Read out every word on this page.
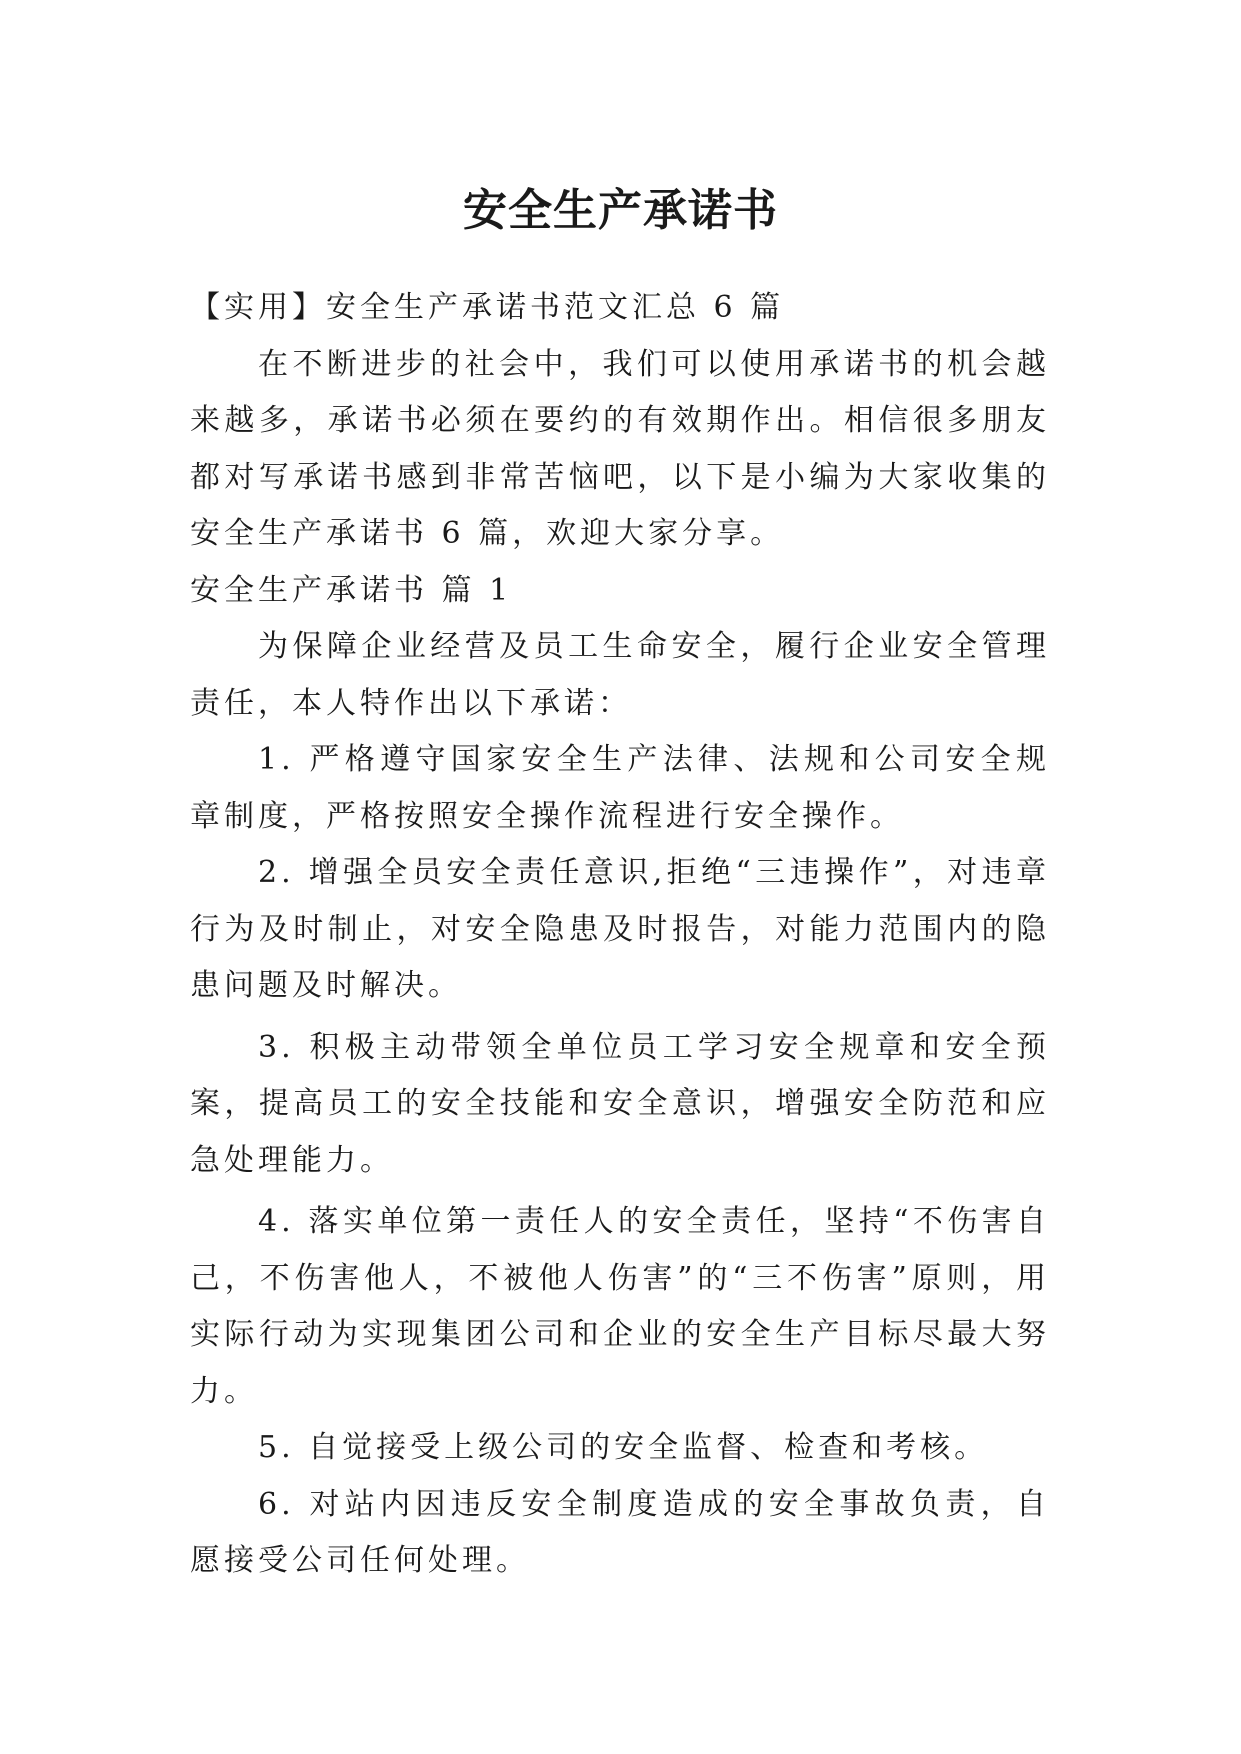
安全生产承诺书

【实用】安全生产承诺书范文汇总 6 篇

在不断进步的社会中，我们可以使用承诺书的机会越来越多，承诺书必须在要约的有效期作出。相信很多朋友都对写承诺书感到非常苦恼吧，以下是小编为大家收集的安全生产承诺书 6 篇，欢迎大家分享。

安全生产承诺书 篇 1

为保障企业经营及员工生命安全，履行企业安全管理责任，本人特作出以下承诺：

1. 严格遵守国家安全生产法律、法规和公司安全规章制度，严格按照安全操作流程进行安全操作。

2. 增强全员安全责任意识,拒绝“三违操作”，对违章行为及时制止，对安全隐患及时报告，对能力范围内的隐患问题及时解决。

3. 积极主动带领全单位员工学习安全规章和安全预案，提高员工的安全技能和安全意识，增强安全防范和应急处理能力。

4. 落实单位第一责任人的安全责任，坚持“不伤害自己，不伤害他人，不被他人伤害”的“三不伤害”原则，用实际行动为实现集团公司和企业的安全生产目标尽最大努力。

5. 自觉接受上级公司的安全监督、检查和考核。

6. 对站内因违反安全制度造成的安全事故负责，自愿接受公司任何处理。
